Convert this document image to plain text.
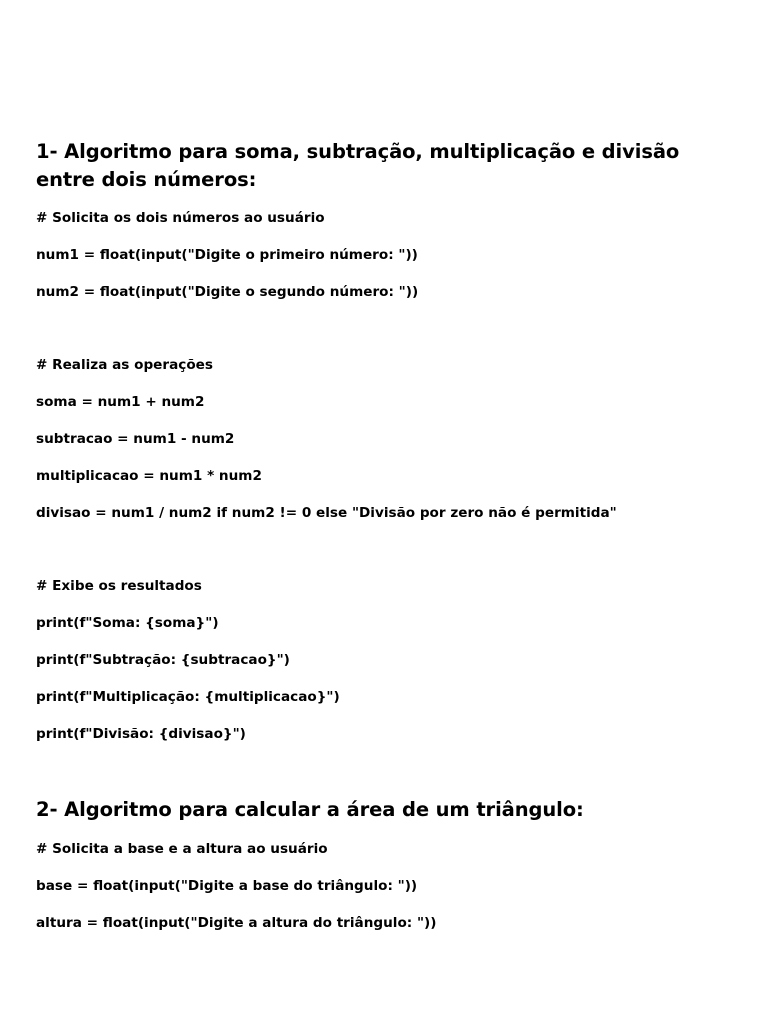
1- Algoritmo para soma, subtração, multiplicação e divisão entre dois números:

# Solicita os dois números ao usuário

num1 = float(input("Digite o primeiro número: "))

num2 = float(input("Digite o segundo número: "))

# Realiza as operações

soma = num1 + num2

subtracao = num1 - num2

multiplicacao = num1 * num2

divisao = num1 / num2 if num2 != 0 else "Divisão por zero não é permitida"

# Exibe os resultados

print(f"Soma: {soma}")

print(f"Subtração: {subtracao}")

print(f"Multiplicação: {multiplicacao}")

print(f"Divisão: {divisao}")

2- Algoritmo para calcular a área de um triângulo:

# Solicita a base e a altura ao usuário

base = float(input("Digite a base do triângulo: "))

altura = float(input("Digite a altura do triângulo: "))
